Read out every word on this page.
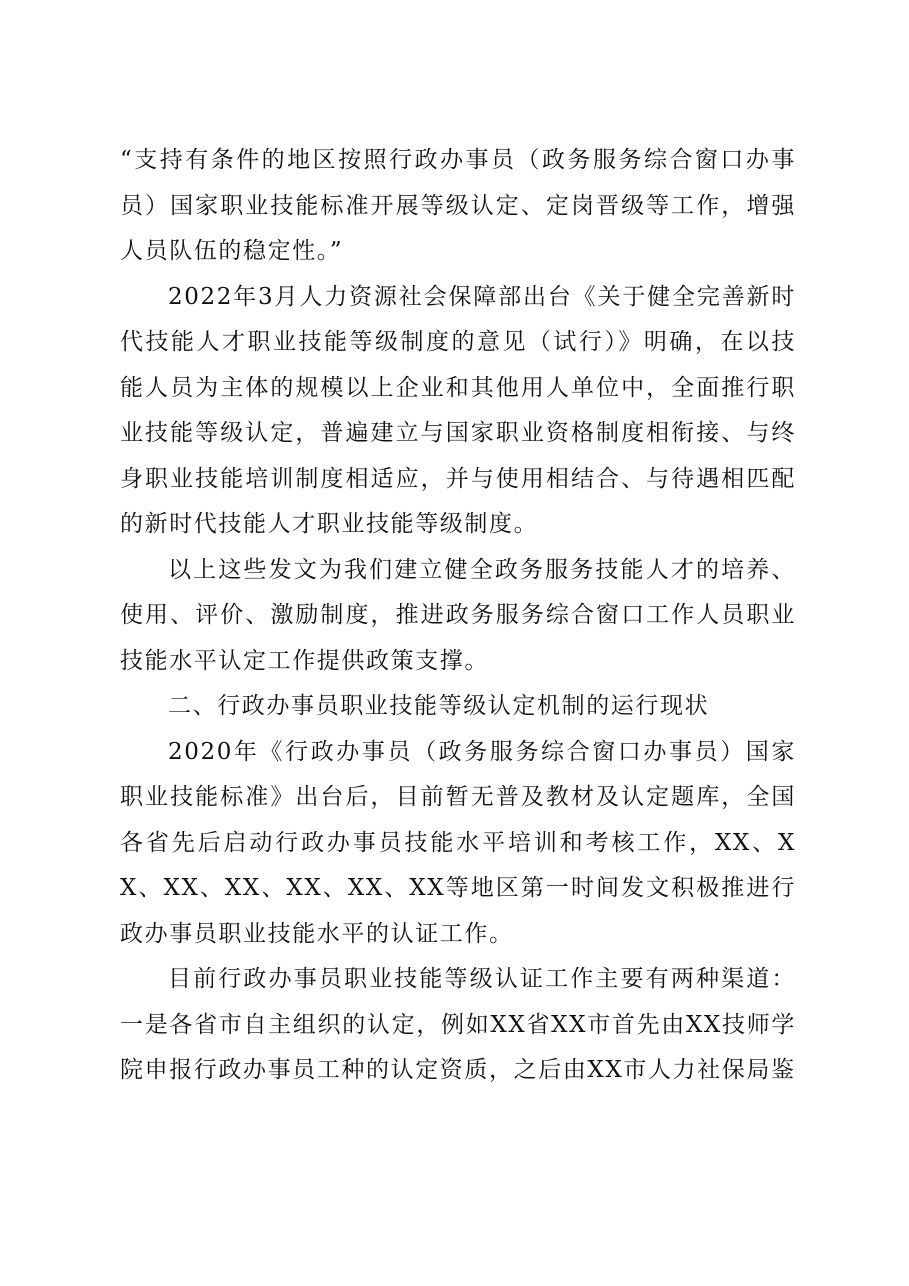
“支持有条件的地区按照行政办事员（政务服务综合窗口办事员）国家职业技能标准开展等级认定、定岗晋级等工作，增强人员队伍的稳定性。”

2022年3月人力资源社会保障部出台《关于健全完善新时代技能人才职业技能等级制度的意见（试行）》明确，在以技能人员为主体的规模以上企业和其他用人单位中，全面推行职业技能等级认定，普遍建立与国家职业资格制度相衔接、与终身职业技能培训制度相适应，并与使用相结合、与待遇相匹配的新时代技能人才职业技能等级制度。

以上这些发文为我们建立健全政务服务技能人才的培养、使用、评价、激励制度，推进政务服务综合窗口工作人员职业技能水平认定工作提供政策支撑。

二、行政办事员职业技能等级认定机制的运行现状

2020年《行政办事员（政务服务综合窗口办事员）国家职业技能标准》出台后，目前暂无普及教材及认定题库，全国各省先后启动行政办事员技能水平培训和考核工作，XX、XX、XX、XX、XX、XX、XX等地区第一时间发文积极推进行政办事员职业技能水平的认证工作。

目前行政办事员职业技能等级认证工作主要有两种渠道：一是各省市自主组织的认定，例如XX省XX市首先由XX技师学院申报行政办事员工种的认定资质，之后由XX市人力社保局鉴
